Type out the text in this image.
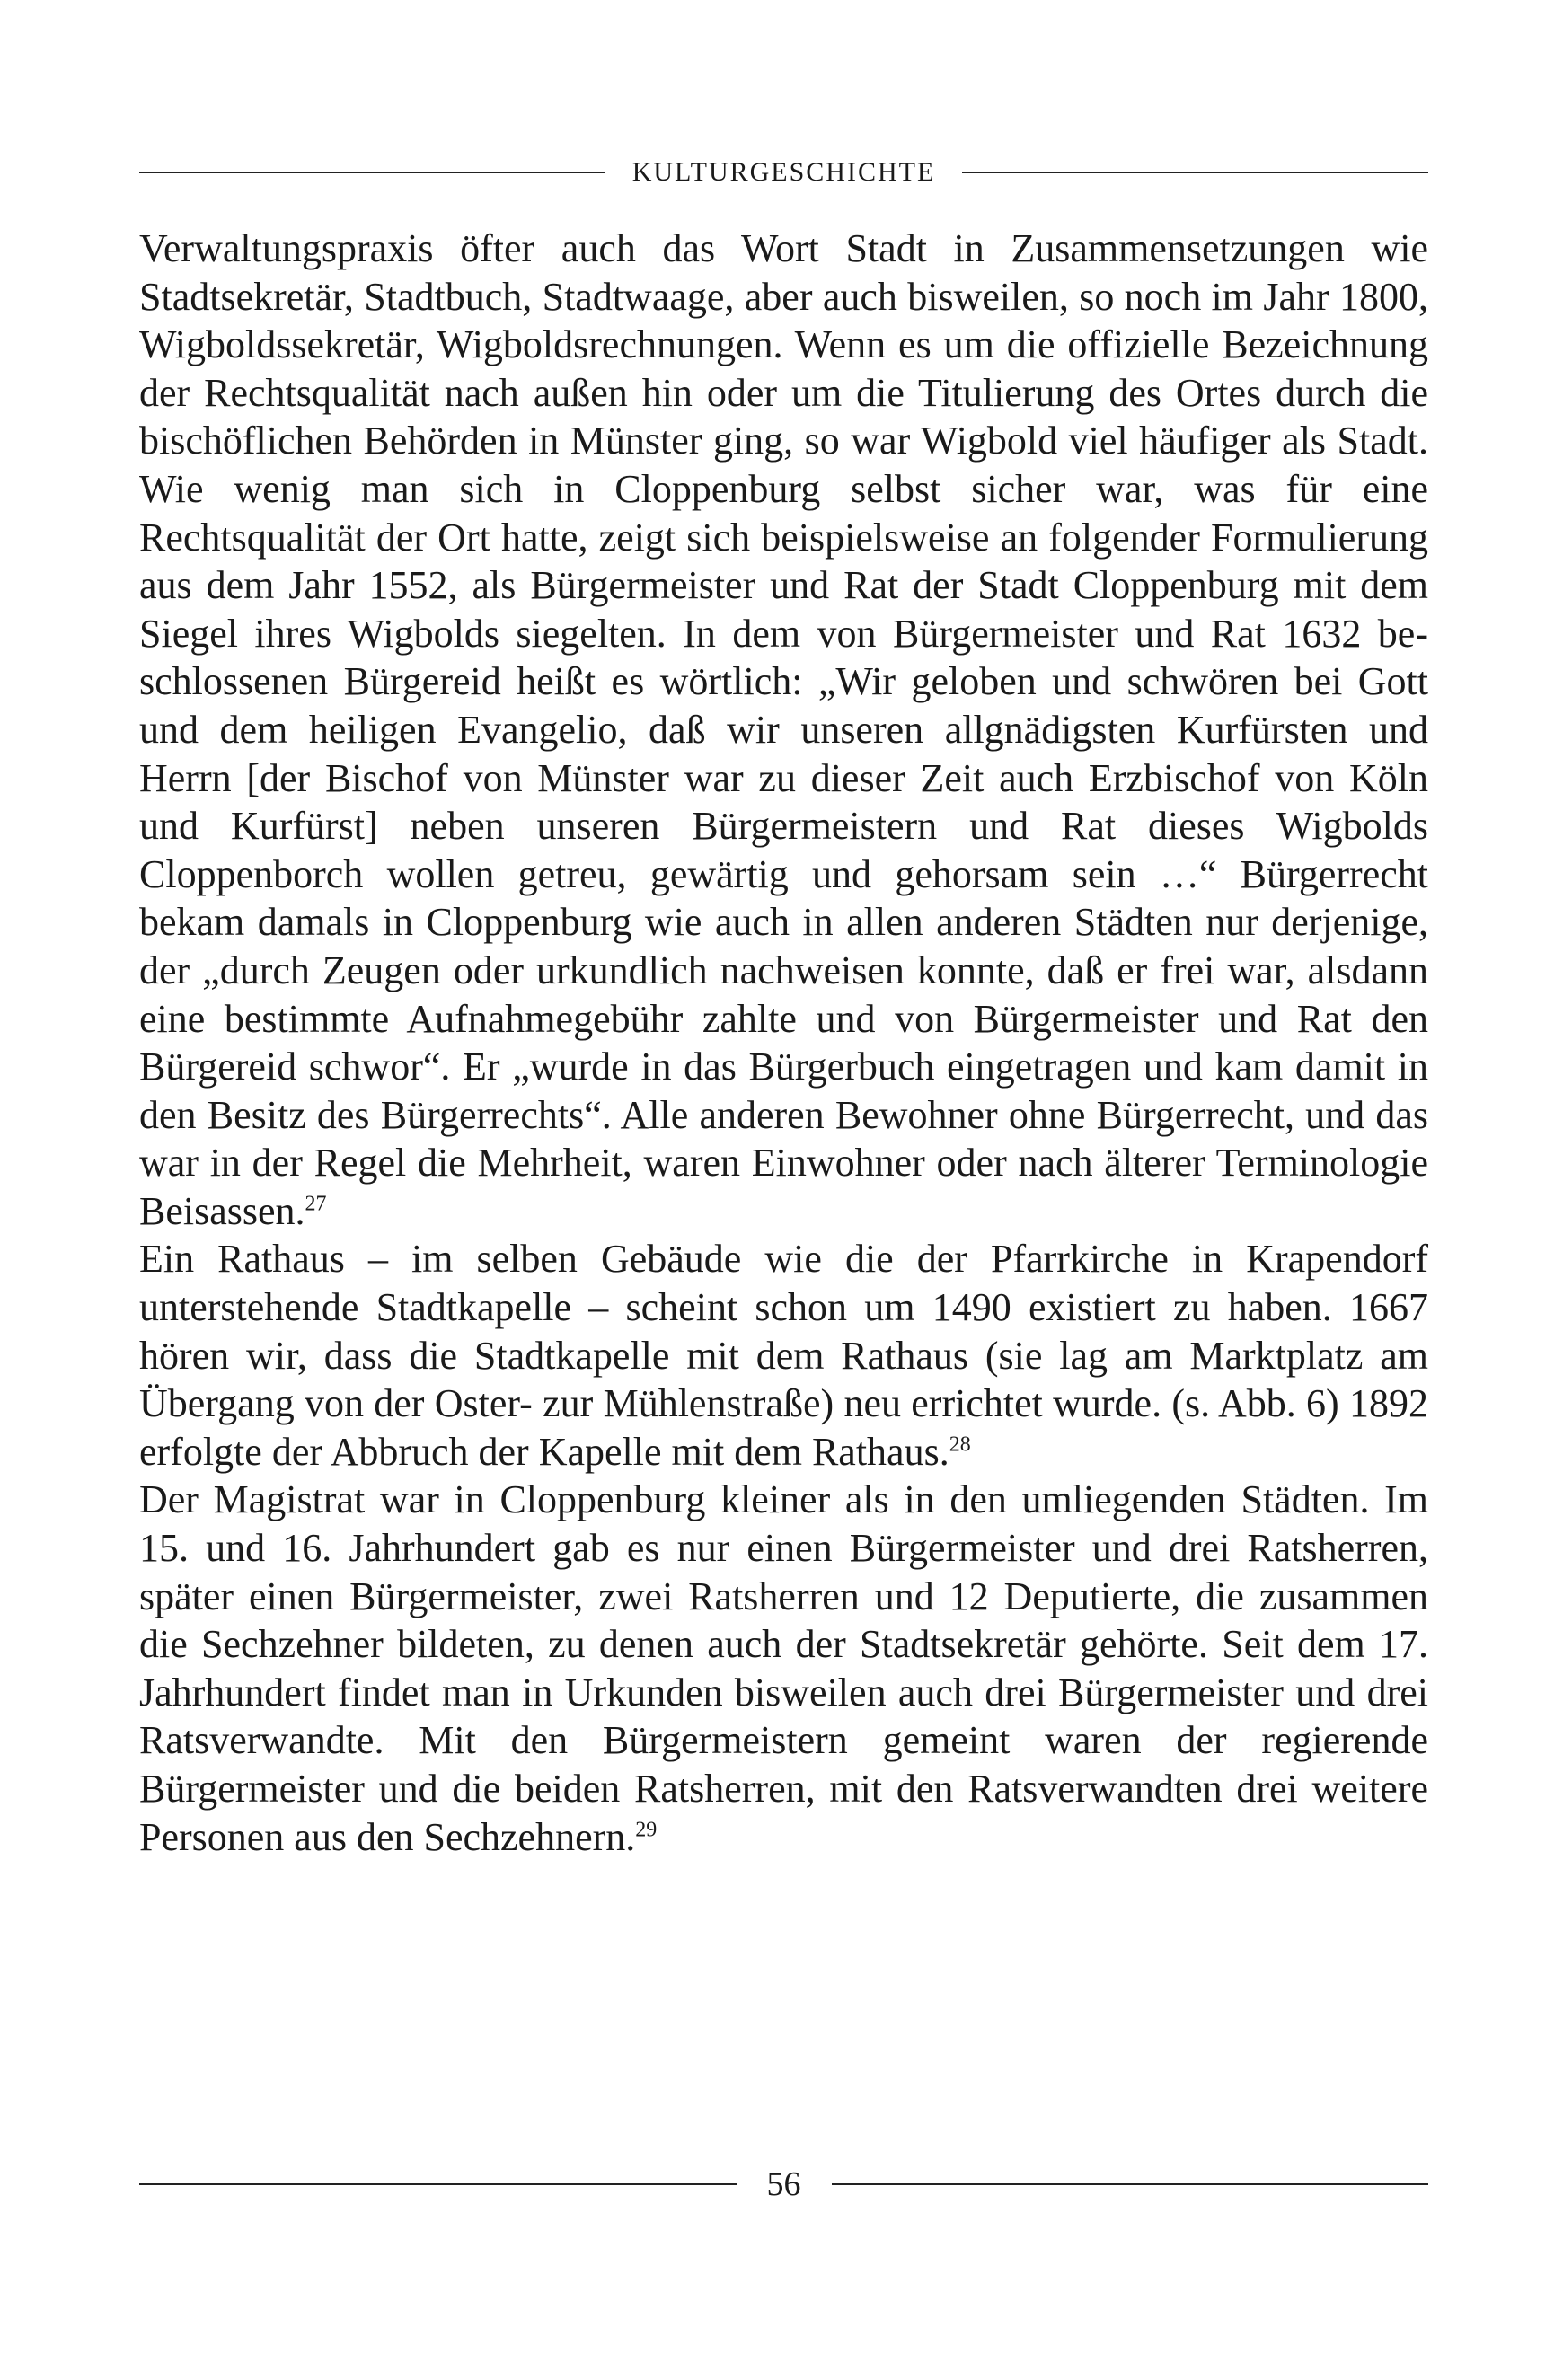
KULTURGESCHICHTE

Verwaltungspraxis öfter auch das Wort Stadt in Zusammensetzungen wie Stadtsekretär, Stadtbuch, Stadtwaage, aber auch bisweilen, so noch im Jahr 1800, Wigboldssekretär, Wigboldsrechnungen. Wenn es um die offizielle Bezeichnung der Rechtsqualität nach außen hin oder um die Titulierung des Ortes durch die bischöflichen Behörden in Münster ging, so war Wigbold viel häufiger als Stadt. Wie wenig man sich in Cloppenburg selbst sicher war, was für eine Rechtsqualität der Ort hatte, zeigt sich beispielsweise an folgender Formulierung aus dem Jahr 1552, als Bürgermeister und Rat der Stadt Cloppenburg mit dem Siegel ihres Wigbolds siegelten. In dem von Bürgermeister und Rat 1632 beschlossenen Bürgereid heißt es wörtlich: „Wir geloben und schwören bei Gott und dem heiligen Evangelio, daß wir unseren allgnädigsten Kurfürsten und Herrn [der Bischof von Münster war zu dieser Zeit auch Erzbischof von Köln und Kurfürst] neben unseren Bürgermeistern und Rat dieses Wigbolds Cloppenborch wollen getreu, gewärtig und gehorsam sein …“ Bürgerrecht bekam damals in Cloppenburg wie auch in allen anderen Städten nur derjenige, der „durch Zeugen oder urkundlich nachweisen konnte, daß er frei war, alsdann eine bestimmte Aufnahmegebühr zahlte und von Bürgermeister und Rat den Bürgereid schwor“. Er „wurde in das Bürgerbuch eingetragen und kam damit in den Besitz des Bürgerrechts“. Alle anderen Bewohner ohne Bürgerrecht, und das war in der Regel die Mehrheit, waren Einwohner oder nach älterer Terminologie Beisassen.$^{27}$

Ein Rathaus – im selben Gebäude wie die der Pfarrkirche in Krapendorf unterstehende Stadtkapelle – scheint schon um 1490 existiert zu haben. 1667 hören wir, dass die Stadtkapelle mit dem Rathaus (sie lag am Marktplatz am Übergang von der Oster- zur Mühlenstraße) neu errichtet wurde. (s. Abb. 6) 1892 erfolgte der Abbruch der Kapelle mit dem Rathaus.$^{28}$

Der Magistrat war in Cloppenburg kleiner als in den umliegenden Städten. Im 15. und 16. Jahrhundert gab es nur einen Bürgermeister und drei Ratsherren, später einen Bürgermeister, zwei Ratsherren und 12 Deputierte, die zusammen die Sechzehner bildeten, zu denen auch der Stadtsekretär gehörte. Seit dem 17. Jahrhundert findet man in Urkunden bisweilen auch drei Bürgermeister und drei Ratsverwandte. Mit den Bürgermeistern gemeint waren der regierende Bürgermeister und die beiden Ratsherren, mit den Ratsverwandten drei weitere Personen aus den Sechzehnern.$^{29}$

56
